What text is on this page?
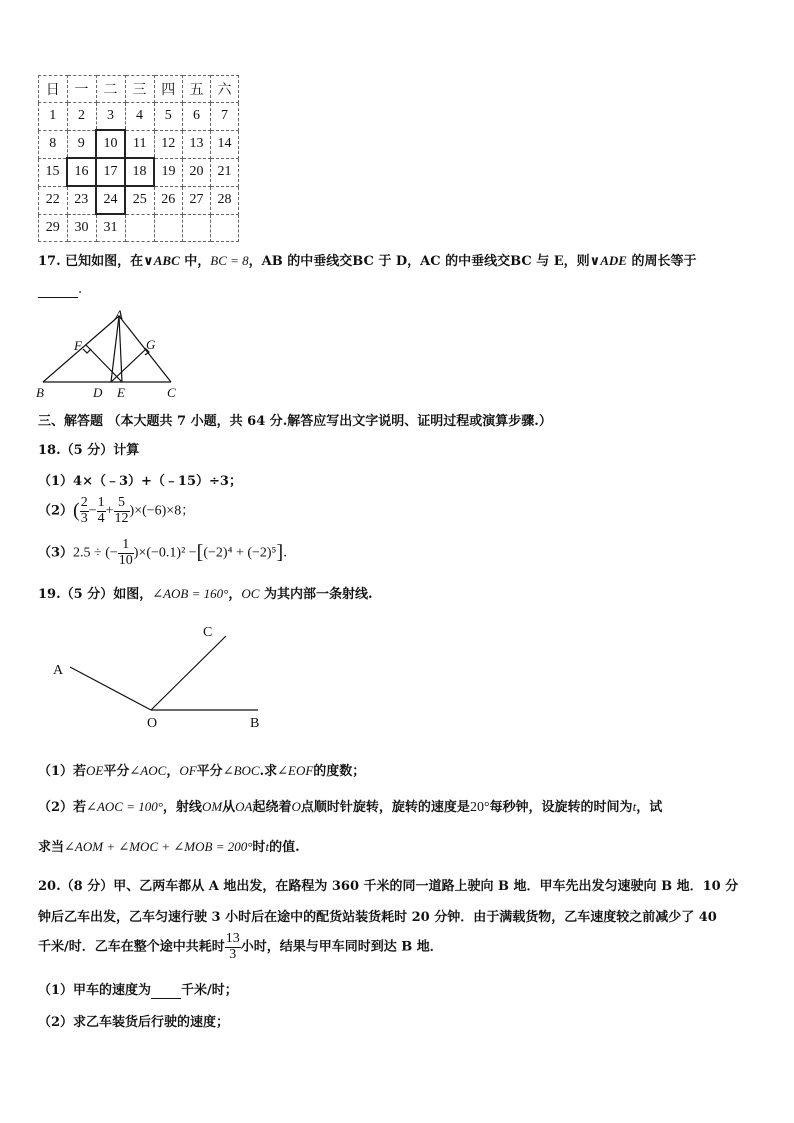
日	一	二	三	四	五	六
1	2	3	4	5	6	7
8	9	10	11	12	13	14
15	16	17	18	19	20	21
22	23	24	25	26	27	28
29	30	31				
17. 已知如图，在∨ABC 中，BC = 8，AB 的中垂线交BC 于 D，AC 的中垂线交BC 与 E，则∨ADE 的周长等于
.
A
B	C
D E
F	G
三、解答题 （本大题共 7 小题，共 64 分.解答应写出文字说明、证明过程或演算步骤.）
18.（5 分）计算
（1）4×（﹣3）+（﹣15）÷3；
$(2)( \frac{2}{3} - \frac{1}{4} + \frac{5}{12} )\times(-6)\times 8$；
（3）2.5 ÷ (− $\frac{1}{10} )\times(-0.1)^2 -[(-2)^4 + (-2)^5]$.
19.（5 分）如图，∠AOB = 160°，OC 为其内部一条射线.
A
C
O	B
（1）若OE平分∠AOC，OF平分∠BOC.求∠EOF的度数；
（2）若∠AOC = 100°，射线OM从OA起绕着O点顺时针旋转，旋转的速度是20°每秒钟，设旋转的时间为t，试
求当∠AOM + ∠MOC + ∠MOB = 200°时t的值.
20.（8 分）甲、乙两车都从 A 地出发，在路程为 360 千米的同一道路上驶向 B 地．甲车先出发匀速驶向 B 地．10 分
钟后乙车出发，乙车匀速行驶 3 小时后在途中的配货站装货耗时 20 分钟．由于满载货物，乙车速度较之前减少了 40
千米/时．乙车在整个途中共耗时 $\frac{13}{3}$ 小时，结果与甲车同时到达 B 地．
（1）甲车的速度为 千米/时；
（2）求乙车装货后行驶的速度；
